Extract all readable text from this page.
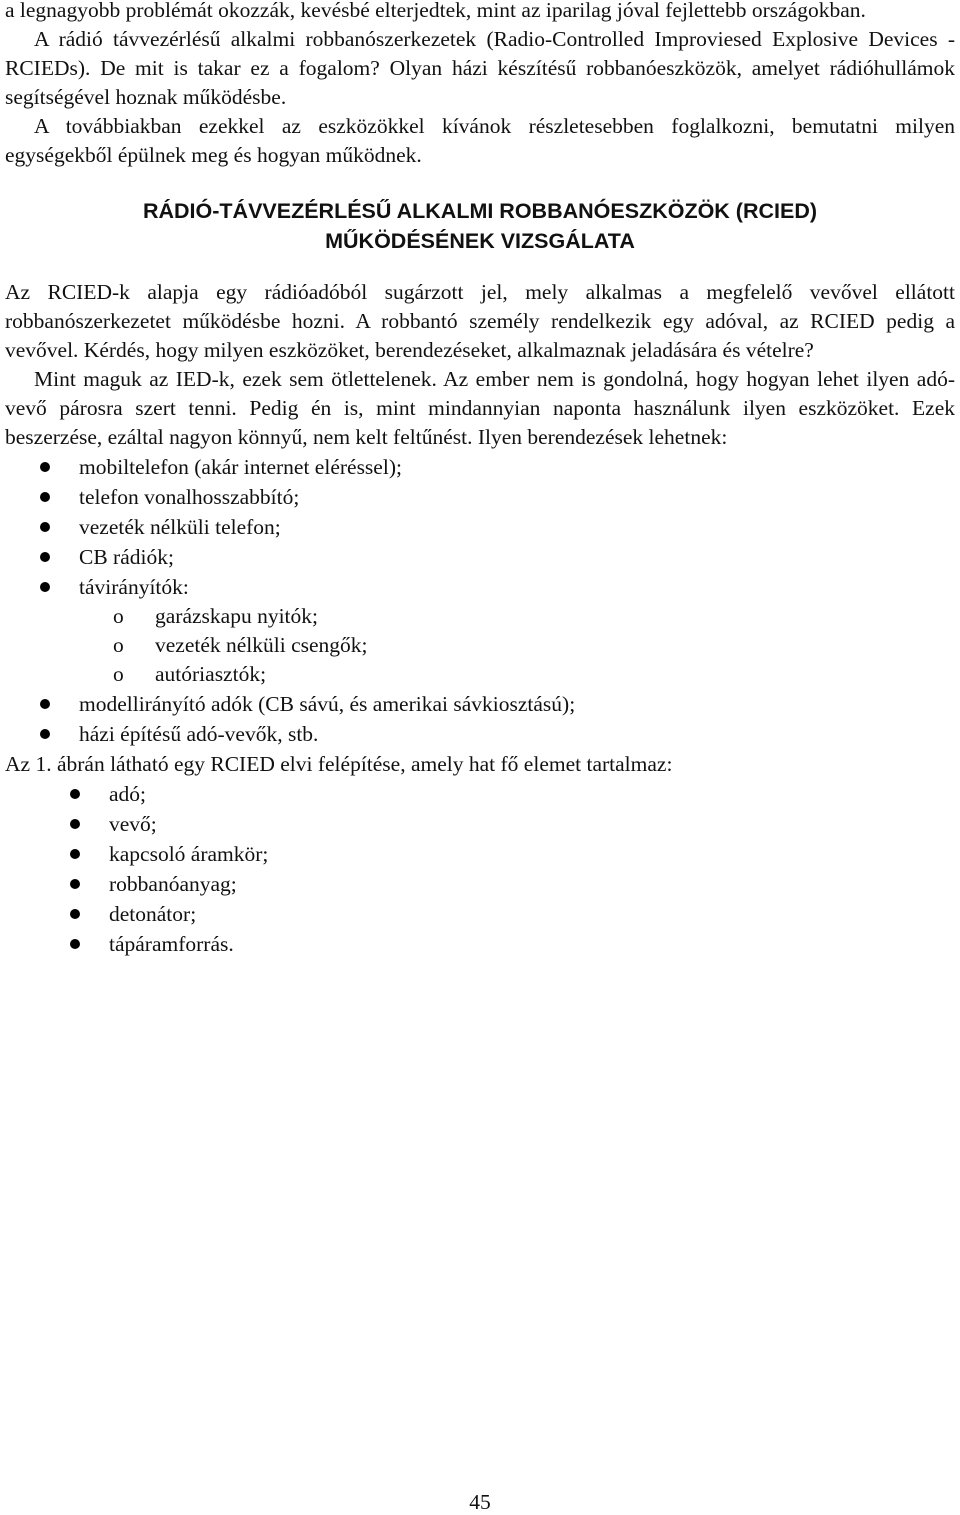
a legnagyobb problémát okozzák, kevésbé elterjedtek, mint az iparilag jóval fejlettebb országokban.

A rádió távvezérlésű alkalmi robbanószerkezetek (Radio-Controlled Improviesed Explosive Devices - RCIEDs). De mit is takar ez a fogalom? Olyan házi készítésű robbanóeszközök, amelyet rádióhullámok segítségével hoznak működésbe.

A továbbiakban ezekkel az eszközökkel kívánok részletesebben foglalkozni, bemutatni milyen egységekből épülnek meg és hogyan működnek.

RÁDIÓ-TÁVVEZÉRLÉSŰ ALKALMI ROBBANÓESZKÖZÖK (RCIED)
MŰKÖDÉSÉNEK VIZSGÁLATA

Az RCIED-k alapja egy rádióadóból sugárzott jel, mely alkalmas a megfelelő vevővel ellátott robbanószerkezetet működésbe hozni. A robbantó személy rendelkezik egy adóval, az RCIED pedig a vevővel. Kérdés, hogy milyen eszközöket, berendezéseket, alkalmaznak jeladására és vételre?

Mint maguk az IED-k, ezek sem ötlettelenek. Az ember nem is gondolná, hogy hogyan lehet ilyen adó-vevő párosra szert tenni. Pedig én is, mint mindannyian naponta használunk ilyen eszközöket. Ezek beszerzése, ezáltal nagyon könnyű, nem kelt feltűnést. Ilyen berendezések lehetnek:

mobiltelefon (akár internet eléréssel);
telefon vonalhosszabbító;
vezeték nélküli telefon;
CB rádiók;
távirányítók:
o garázskapu nyitók;
o vezeték nélküli csengők;
o autóriasztók;
modellirányító adók (CB sávú, és amerikai sávkiosztású);
házi építésű adó-vevők, stb.

Az 1. ábrán látható egy RCIED elvi felépítése, amely hat fő elemet tartalmaz:

adó;
vevő;
kapcsoló áramkör;
robbanóanyag;
detonátor;
tápáramforrás.
45
